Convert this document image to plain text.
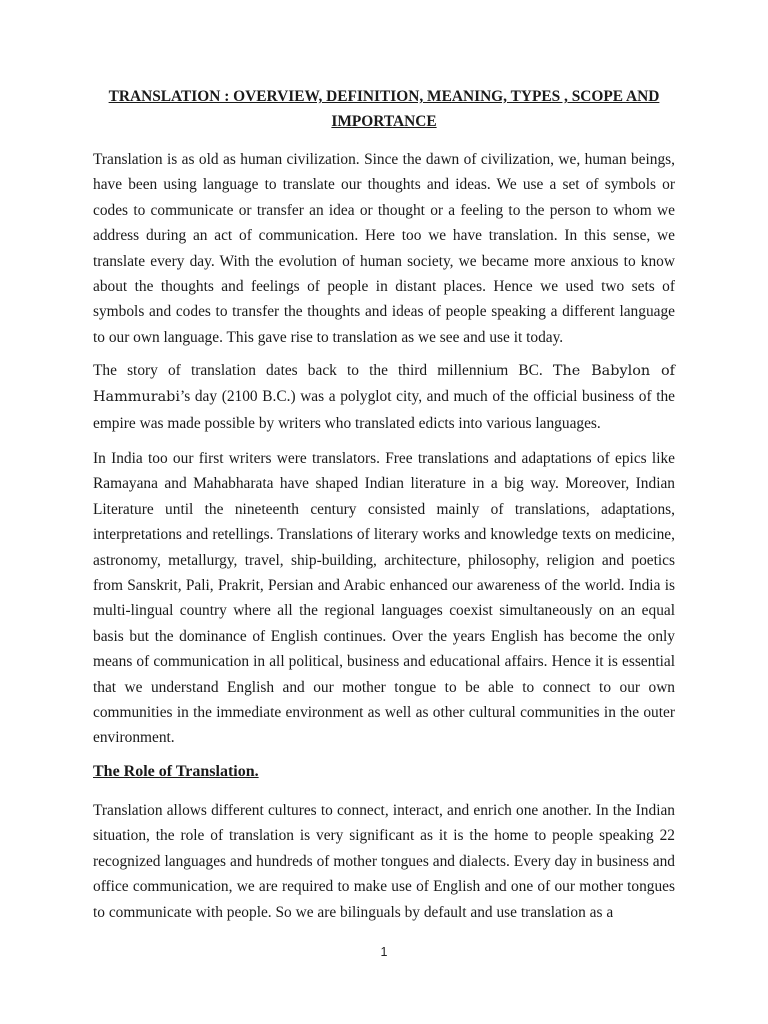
TRANSLATION : OVERVIEW, DEFINITION, MEANING, TYPES , SCOPE AND IMPORTANCE

Translation is as old as human civilization. Since the dawn of civilization, we, human beings, have been using language to translate our thoughts and ideas. We use a set of symbols or codes to communicate or transfer an idea or thought or a feeling to the person to whom we address during an act of communication. Here too we have translation. In this sense, we translate every day. With the evolution of human society, we became more anxious to know about the thoughts and feelings of people in distant places. Hence we used two sets of symbols and codes to transfer the thoughts and ideas of people speaking a different language to our own language. This gave rise to translation as we see and use it today.

The story of translation dates back to the third millennium BC. The Babylon of Hammurabi’s day (2100 B.C.) was a polyglot city, and much of the official business of the empire was made possible by writers who translated edicts into various languages.

In India too our first writers were translators. Free translations and adaptations of epics like Ramayana and Mahabharata have shaped Indian literature in a big way. Moreover, Indian Literature until the nineteenth century consisted mainly of translations, adaptations, interpretations and retellings. Translations of literary works and knowledge texts on medicine, astronomy, metallurgy, travel, ship-building, architecture, philosophy, religion and poetics from Sanskrit, Pali, Prakrit, Persian and Arabic enhanced our awareness of the world. India is multi-lingual country where all the regional languages coexist simultaneously on an equal basis but the dominance of English continues. Over the years English has become the only means of communication in all political, business and educational affairs. Hence it is essential that we understand English and our mother tongue to be able to connect to our own communities in the immediate environment as well as other cultural communities in the outer environment.

The Role of Translation.

Translation allows different cultures to connect, interact, and enrich one another. In the Indian situation, the role of translation is very significant as it is the home to people speaking 22 recognized languages and hundreds of mother tongues and dialects. Every day in business and office communication, we are required to make use of English and one of our mother tongues to communicate with people. So we are bilinguals by default and use translation as a

1
